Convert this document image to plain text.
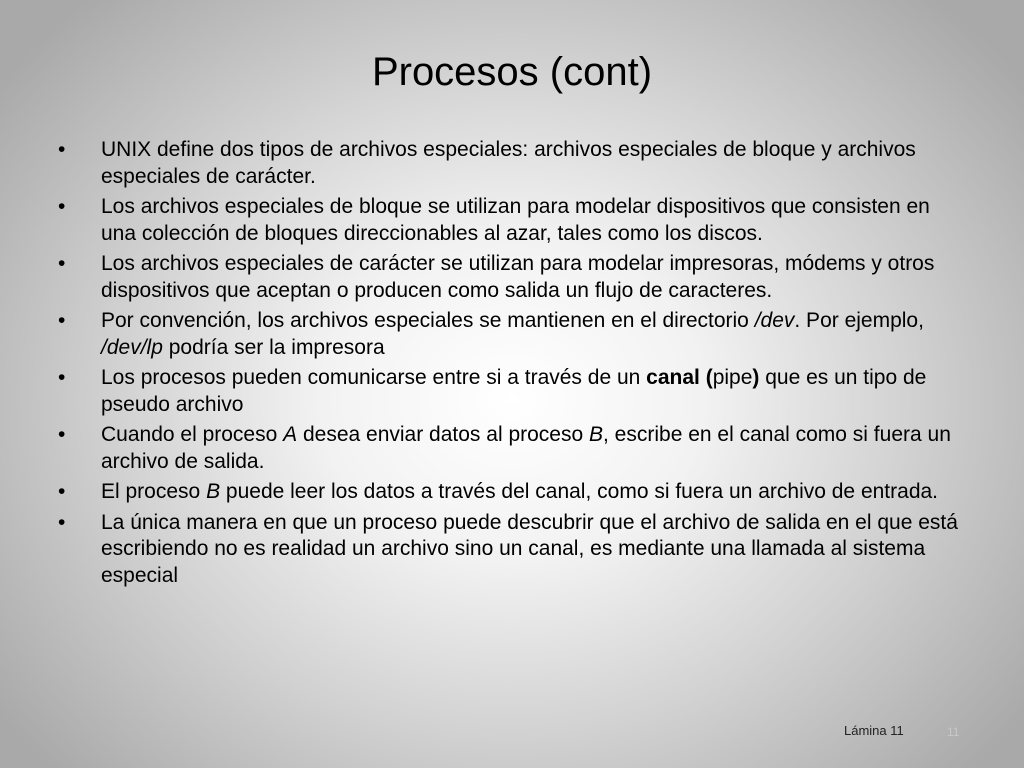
Procesos (cont)
• UNIX define dos tipos de archivos especiales: archivos especiales de bloque y archivos especiales de carácter.
• Los archivos especiales de bloque se utilizan para modelar dispositivos que consisten en una colección de bloques direccionables al azar, tales como los discos.
• Los archivos especiales de carácter se utilizan para modelar impresoras, módems y otros dispositivos que aceptan o producen como salida un flujo de caracteres.
• Por convención, los archivos especiales se mantienen en el directorio /dev. Por ejemplo, /dev/lp podría ser la impresora
• Los procesos pueden comunicarse entre si a través de un canal (pipe) que es un tipo de pseudo archivo
• Cuando el proceso A desea enviar datos al proceso B, escribe en el canal como si fuera un archivo de salida.
• El proceso B puede leer los datos a través del canal, como si fuera un archivo de entrada.
• La única manera en que un proceso puede descubrir que el archivo de salida en el que está escribiendo no es realidad un archivo sino un canal, es mediante una llamada al sistema especial
Lámina 11	11
